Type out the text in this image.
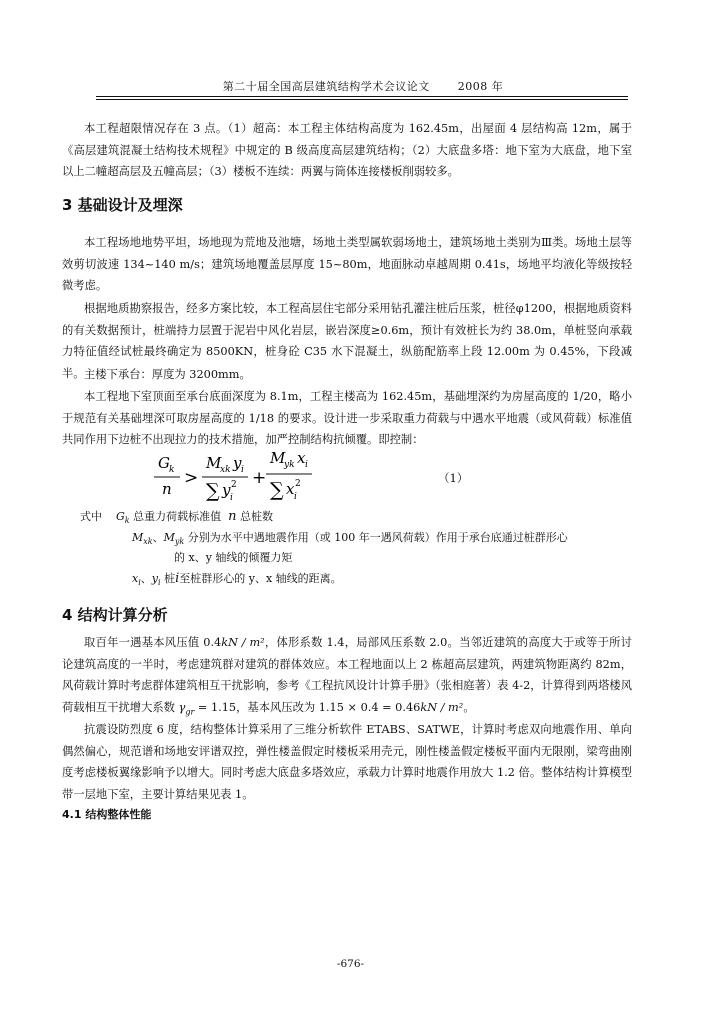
第二十届全国高层建筑结构学术会议论文	2008 年

本工程超限情况存在 3 点。（1）超高：本工程主体结构高度为 162.45m，出屋面 4 层结构高 12m，属于《高层建筑混凝土结构技术规程》中规定的 B 级高度高层建筑结构；（2）大底盘多塔：地下室为大底盘，地下室以上二幢超高层及五幢高层；（3）楼板不连续：两翼与筒体连接楼板削弱较多。

3 基础设计及埋深

本工程场地地势平坦，场地现为荒地及池塘，场地土类型属软弱场地土，建筑场地土类别为Ⅲ类。场地土层等效剪切波速 134~140 m/s；建筑场地覆盖层厚度 15~80m，地面脉动卓越周期 0.41s，场地平均液化等级按轻微考虑。

根据地质勘察报告，经多方案比较，本工程高层住宅部分采用钻孔灌注桩后压浆，桩径φ1200，根据地质资料的有关数据预计，桩端持力层置于泥岩中风化岩层，嵌岩深度≥0.6m，预计有效桩长为约 38.0m，单桩竖向承载力特征值经试桩最终确定为 8500KN，桩身砼 C35 水下混凝土，纵筋配筋率上段 12.00m 为 0.45%，下段减半。 主楼下承台：厚度为 3200mm。

本工程地下室顶面至承台底面深度为 8.1m，工程主楼高为 162.45m，基础埋深约为房屋高度的 1/20，略小于规范有关基础埋深可取房屋高度的 1/18 的要求。设计进一步采取重力荷载与中遇水平地震（或风荷载）标准值共同作用下边桩不出现拉力的技术措施，加严控制结构抗倾覆。即控制：

G k
n
>
M
xk y i
∑ y 2
i
+
M
yk x i
∑ x 2
i
（1）
式中 $G_k$ 总重力荷载标准值 n 总桩数
$M_{xk}$、$M_{yk}$ 分别为水平中遇地震作用（或 100 年一遇风荷载）作用于承台底通过桩群形心
的 x、y 轴线的倾覆力矩
$x_i$、$y_i$ 桩i至桩群形心的 y、x 轴线的距离。
4 结构计算分析

取百年一遇基本风压值 0.4kN / m²，体形系数 1.4，局部风压系数 2.0。当邻近建筑的高度大于或等于所讨论建筑高度的一半时，考虑建筑群对建筑的群体效应。本工程地面以上 2 栋超高层建筑，两建筑物距离约 82m，风荷载计算时考虑群体建筑相互干扰影响，参考《工程抗风设计计算手册》（张相庭著）表 4-2，计算得到两塔楼风荷载相互干扰增大系数 $\gamma_{gr} = 1.15$，基本风压改为 1.15 × 0.4 = 0.46kN / m²。

抗震设防烈度 6 度，结构整体计算采用了三维分析软件 ETABS、SATWE，计算时考虑双向地震作用、单向偶然偏心，规范谱和场地安评谱双控，弹性楼盖假定时楼板采用壳元，刚性楼盖假定楼板平面内无限刚，梁弯曲刚度考虑楼板翼缘影响予以增大。同时考虑大底盘多塔效应，承载力计算时地震作用放大 1.2 倍。整体结构计算模型带一层地下室，主要计算结果见表 1。

4.1 结构整体性能
-676-
